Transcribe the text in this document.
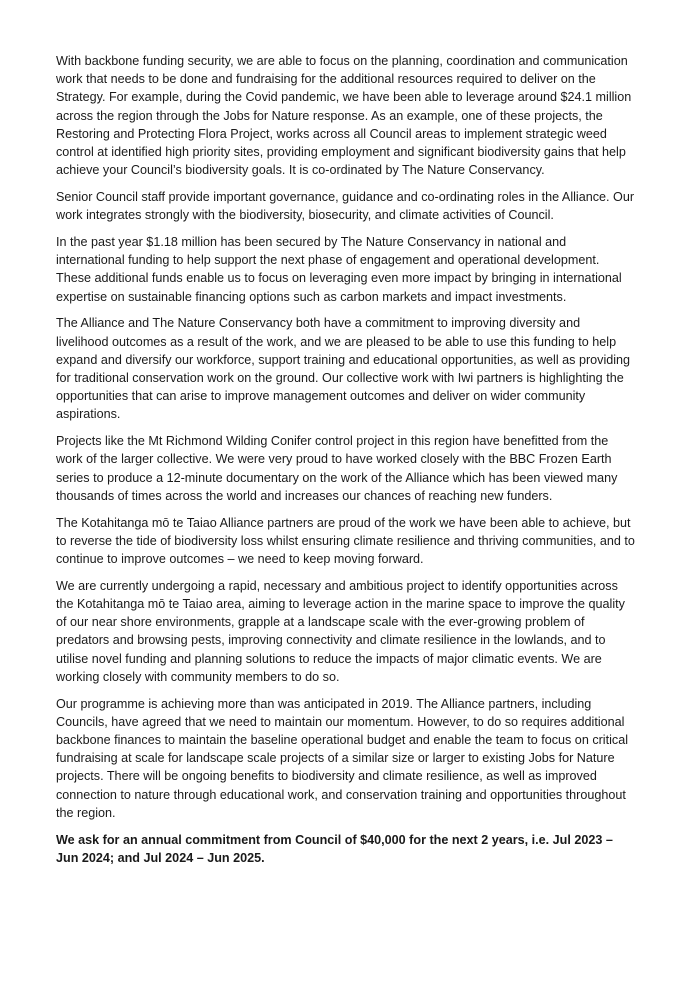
With backbone funding security, we are able to focus on the planning, coordination and communication work that needs to be done and fundraising for the additional resources required to deliver on the Strategy. For example, during the Covid pandemic, we have been able to leverage around $24.1 million across the region through the Jobs for Nature response. As an example, one of these projects, the Restoring and Protecting Flora Project, works across all Council areas to implement strategic weed control at identified high priority sites, providing employment and significant biodiversity gains that help achieve your Council’s biodiversity goals. It is co-ordinated by The Nature Conservancy.

Senior Council staff provide important governance, guidance and co-ordinating roles in the Alliance. Our work integrates strongly with the biodiversity, biosecurity, and climate activities of Council.

In the past year $1.18 million has been secured by The Nature Conservancy in national and international funding to help support the next phase of engagement and operational development. These additional funds enable us to focus on leveraging even more impact by bringing in international expertise on sustainable financing options such as carbon markets and impact investments.

The Alliance and The Nature Conservancy both have a commitment to improving diversity and livelihood outcomes as a result of the work, and we are pleased to be able to use this funding to help expand and diversify our workforce, support training and educational opportunities, as well as providing for traditional conservation work on the ground. Our collective work with Iwi partners is highlighting the opportunities that can arise to improve management outcomes and deliver on wider community aspirations.

Projects like the Mt Richmond Wilding Conifer control project in this region have benefitted from the work of the larger collective. We were very proud to have worked closely with the BBC Frozen Earth series to produce a 12-minute documentary on the work of the Alliance which has been viewed many thousands of times across the world and increases our chances of reaching new funders.

The Kotahitanga mō te Taiao Alliance partners are proud of the work we have been able to achieve, but to reverse the tide of biodiversity loss whilst ensuring climate resilience and thriving communities, and to continue to improve outcomes – we need to keep moving forward.

We are currently undergoing a rapid, necessary and ambitious project to identify opportunities across the Kotahitanga mō te Taiao area, aiming to leverage action in the marine space to improve the quality of our near shore environments, grapple at a landscape scale with the ever-growing problem of predators and browsing pests, improving connectivity and climate resilience in the lowlands, and to utilise novel funding and planning solutions to reduce the impacts of major climatic events. We are working closely with community members to do so.

Our programme is achieving more than was anticipated in 2019. The Alliance partners, including Councils, have agreed that we need to maintain our momentum. However, to do so requires additional backbone finances to maintain the baseline operational budget and enable the team to focus on critical fundraising at scale for landscape scale projects of a similar size or larger to existing Jobs for Nature projects. There will be ongoing benefits to biodiversity and climate resilience, as well as improved connection to nature through educational work, and conservation training and opportunities throughout the region.

We ask for an annual commitment from Council of $40,000 for the next 2 years, i.e. Jul 2023 – Jun 2024; and Jul 2024 – Jun 2025.
